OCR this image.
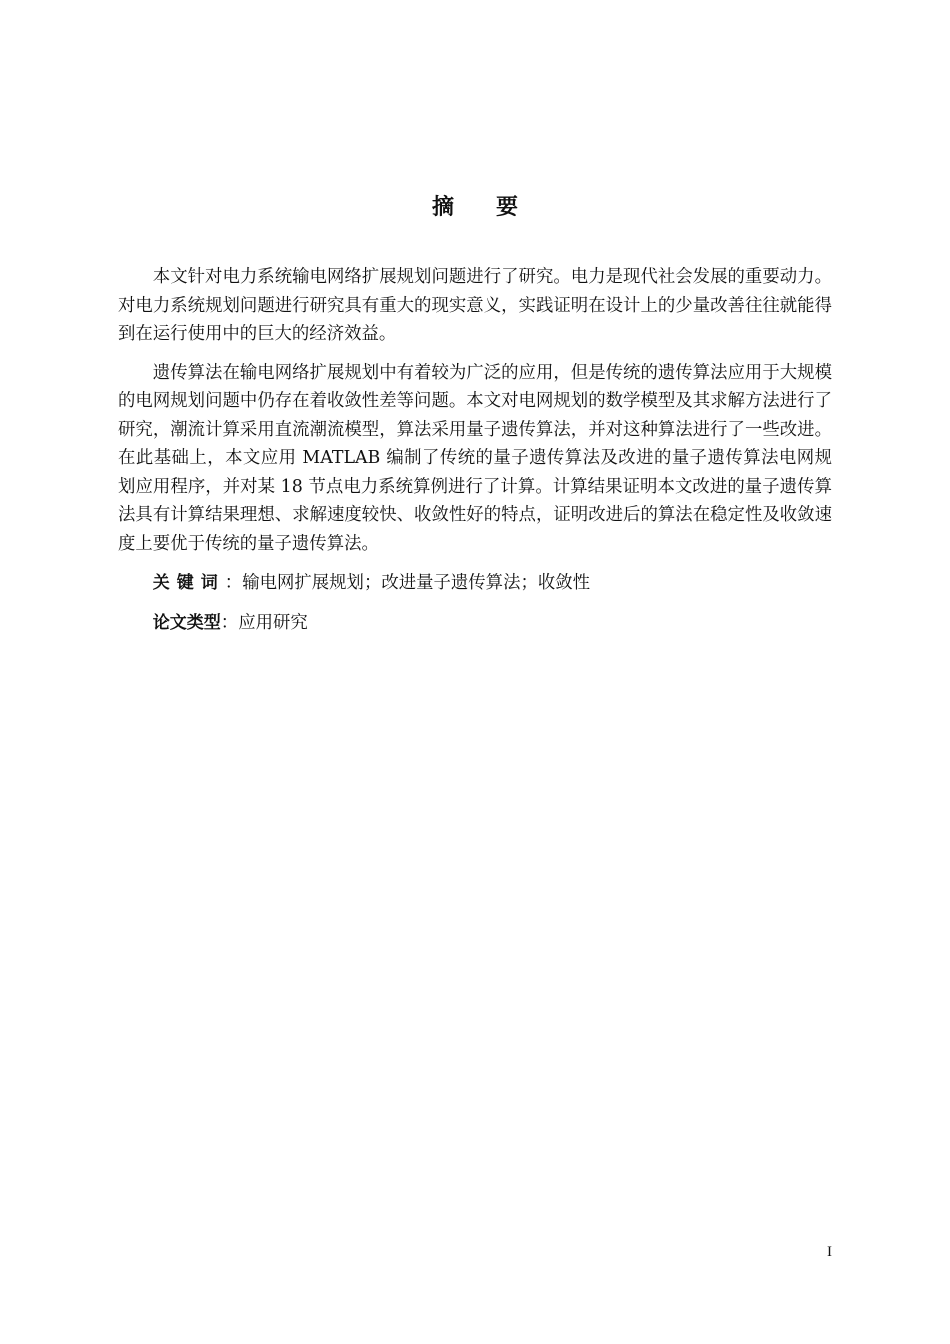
摘要

本文针对电力系统输电网络扩展规划问题进行了研究。电力是现代社会发展的重要动力。对电力系统规划问题进行研究具有重大的现实意义，实践证明在设计上的少量改善往往就能得到在运行使用中的巨大的经济效益。

遗传算法在输电网络扩展规划中有着较为广泛的应用，但是传统的遗传算法应用于大规模的电网规划问题中仍存在着收敛性差等问题。本文对电网规划的数学模型及其求解方法进行了研究，潮流计算采用直流潮流模型，算法采用量子遗传算法，并对这种算法进行了一些改进。在此基础上，本文应用 MATLAB 编制了传统的量子遗传算法及改进的量子遗传算法电网规划应用程序，并对某 18 节点电力系统算例进行了计算。计算结果证明本文改进的量子遗传算法具有计算结果理想、求解速度较快、收敛性好的特点，证明改进后的算法在稳定性及收敛速度上要优于传统的量子遗传算法。

关键词：输电网扩展规划；改进量子遗传算法；收敛性

论文类型：应用研究

I
